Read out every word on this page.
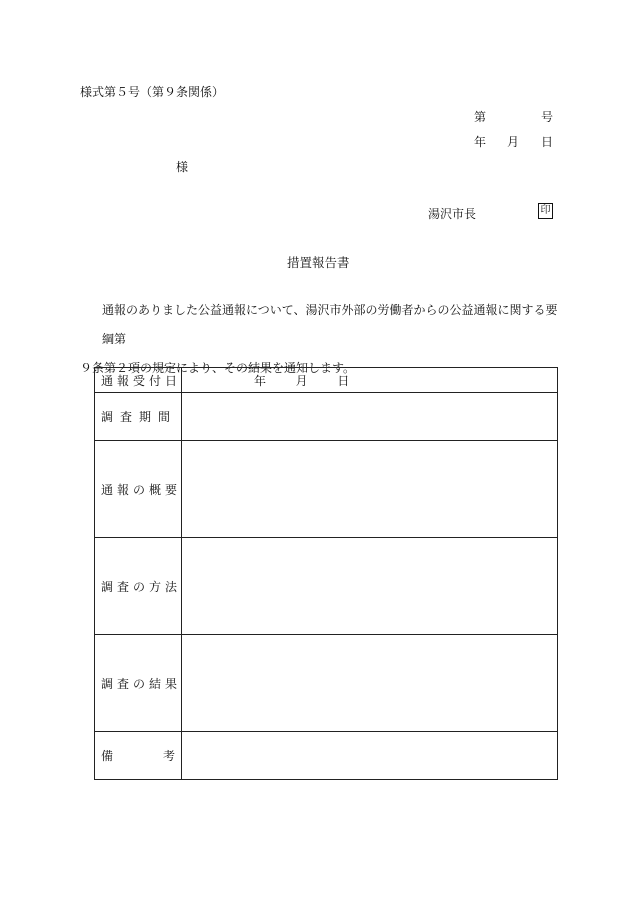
様式第５号（第９条関係）
第	号
年 月 日
様
湯沢市長	印
措置報告書
通報のありました公益通報について、湯沢市外部の労働者からの公益通報に関する要綱第
９条第２項の規定により、その結果を通知します。
通報受付日	年 月 日

調査期間	
通報の概要	
調査の方法	
調査の結果	

備 考	
